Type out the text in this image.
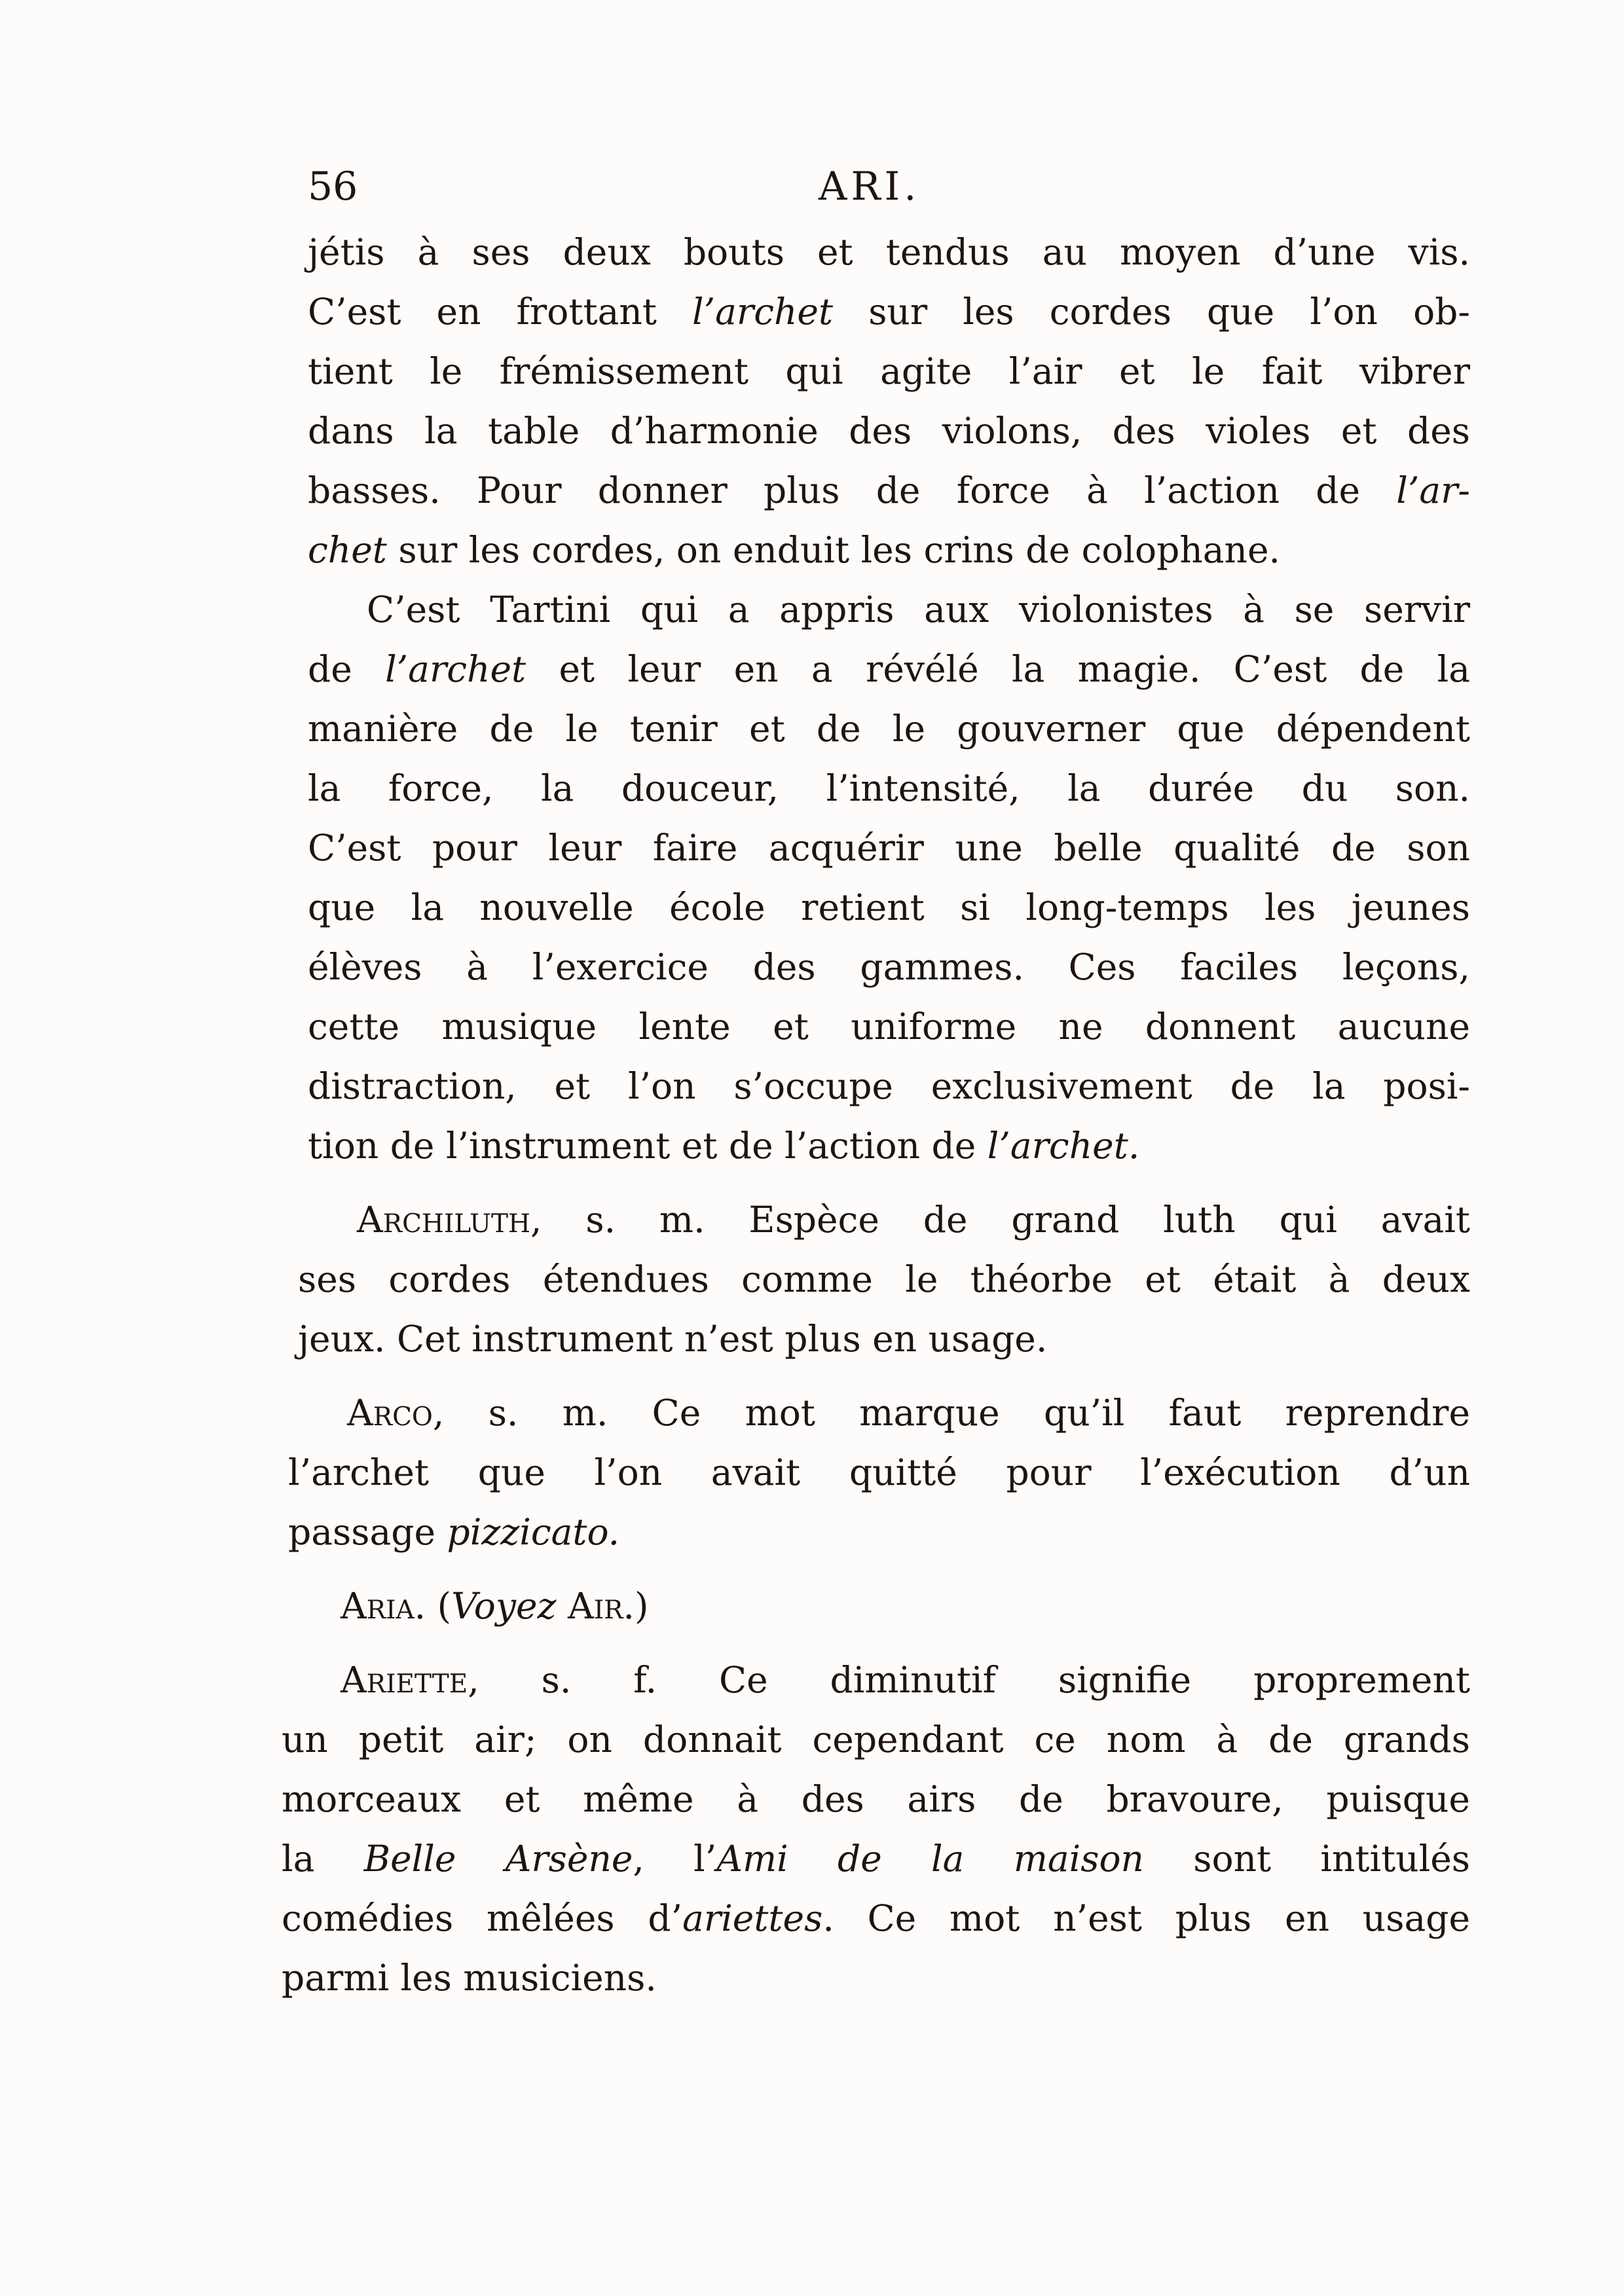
56	ARI.
jétis à ses deux bouts et tendus au moyen d’une vis.
C’est en frottant l’archet sur les cordes que l’on ob-
tient le frémissement qui agite l’air et le fait vibrer
dans la table d’harmonie des violons, des violes et des
basses. Pour donner plus de force à l’action de l’ar-
chet sur les cordes, on enduit les crins de colophane.
C’est Tartini qui a appris aux violonistes à se servir
de l’archet et leur en a révélé la magie. C’est de la
manière de le tenir et de le gouverner que dépendent
la force, la douceur, l’intensité, la durée du son.
C’est pour leur faire acquérir une belle qualité de son
que la nouvelle école retient si long-temps les jeunes
élèves à l’exercice des gammes. Ces faciles leçons,
cette musique lente et uniforme ne donnent aucune
distraction, et l’on s’occupe exclusivement de la posi-
tion de l’instrument et de l’action de l’archet.
Archiluth, s. m. Espèce de grand luth qui avait
ses cordes étendues comme le théorbe et était à deux
jeux. Cet instrument n’est plus en usage.
Arco, s. m. Ce mot marque qu’il faut reprendre
l’archet que l’on avait quitté pour l’exécution d’un
passage pizzicato.
Aria. (Voyez Air.)
Ariette, s. f. Ce diminutif signifie proprement
un petit air; on donnait cependant ce nom à de grands
morceaux et même à des airs de bravoure, puisque
la Belle Arsène, l’Ami de la maison sont intitulés
comédies mêlées d’ariettes. Ce mot n’est plus en usage
parmi les musiciens.
